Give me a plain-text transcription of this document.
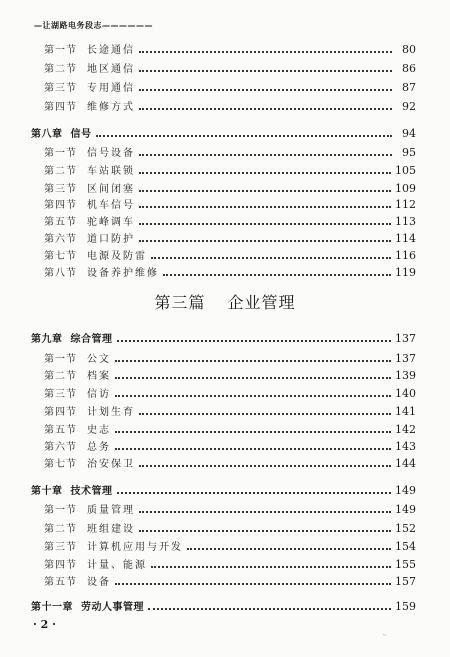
—让湖路电务段志——————
第一节 长途通信	80
第二节 地区通信	86
第三节 专用通信	87
第四节 维修方式	92
第八章 信号	94
第一节 信号设备	95
第二节 车站联锁	105
第三节 区间闭塞	109
第四节 机车信号	112
第五节 驼峰调车	113
第六节 道口防护	114
第七节 电源及防雷	116
第八节 设备养护维修	119
第九章 综合管理	137
第一节 公文	137
第二节 档案	139
第三节 信访	140
第四节 计划生育	141
第五节 史志	142
第六节 总务	143
第七节 治安保卫	144
第十章 技术管理	149
第一节 质量管理	149
第二节 班组建设	152
第三节 计算机应用与开发	154
第四节 计量、能源	155
第五节 设备	157
第十一章 劳动人事管理	159
第三篇 企业管理
· 2 ·
ᵕ
